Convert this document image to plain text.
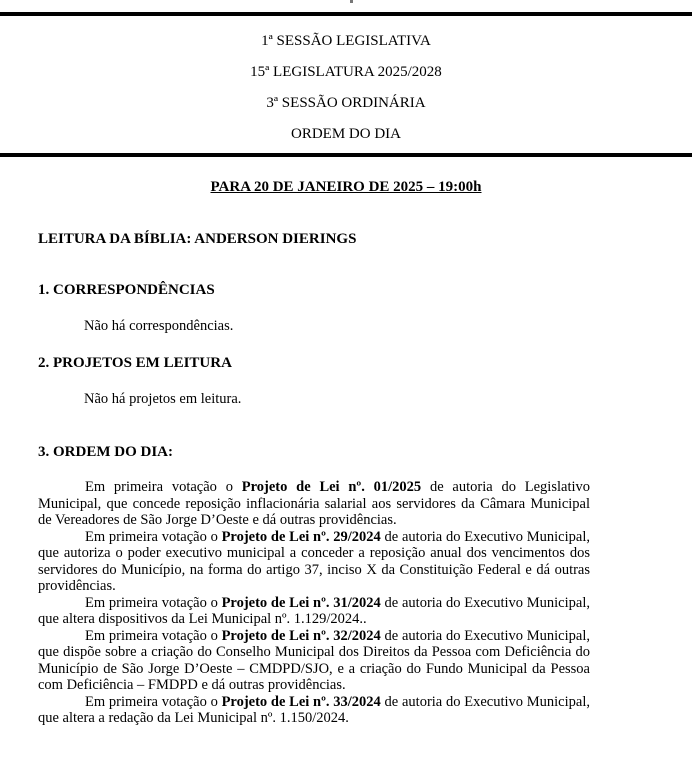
1ª SESSÃO LEGISLATIVA
15ª LEGISLATURA 2025/2028
3ª SESSÃO ORDINÁRIA
ORDEM DO DIA
PARA 20 DE JANEIRO DE 2025 – 19:00h
LEITURA DA BÍBLIA: ANDERSON DIERINGS
1. CORRESPONDÊNCIAS
Não há correspondências.
2. PROJETOS EM LEITURA
Não há projetos em leitura.
3. ORDEM DO DIA:

Em primeira votação o Projeto de Lei nº. 01/2025 de autoria do Legislativo Municipal, que concede reposição inflacionária salarial aos servidores da Câmara Municipal de Vereadores de São Jorge D’Oeste e dá outras providências.

Em primeira votação o Projeto de Lei nº. 29/2024 de autoria do Executivo Municipal, que autoriza o poder executivo municipal a conceder a reposição anual dos vencimentos dos servidores do Município, na forma do artigo 37, inciso X da Constituição Federal e dá outras providências.

Em primeira votação o Projeto de Lei nº. 31/2024 de autoria do Executivo Municipal, que altera dispositivos da Lei Municipal nº. 1.129/2024..

Em primeira votação o Projeto de Lei nº. 32/2024 de autoria do Executivo Municipal, que dispõe sobre a criação do Conselho Municipal dos Direitos da Pessoa com Deficiência do Município de São Jorge D’Oeste – CMDPD/SJO, e a criação do Fundo Municipal da Pessoa com Deficiência – FMDPD e dá outras providências.

Em primeira votação o Projeto de Lei nº. 33/2024 de autoria do Executivo Municipal, que altera a redação da Lei Municipal nº. 1.150/2024.
